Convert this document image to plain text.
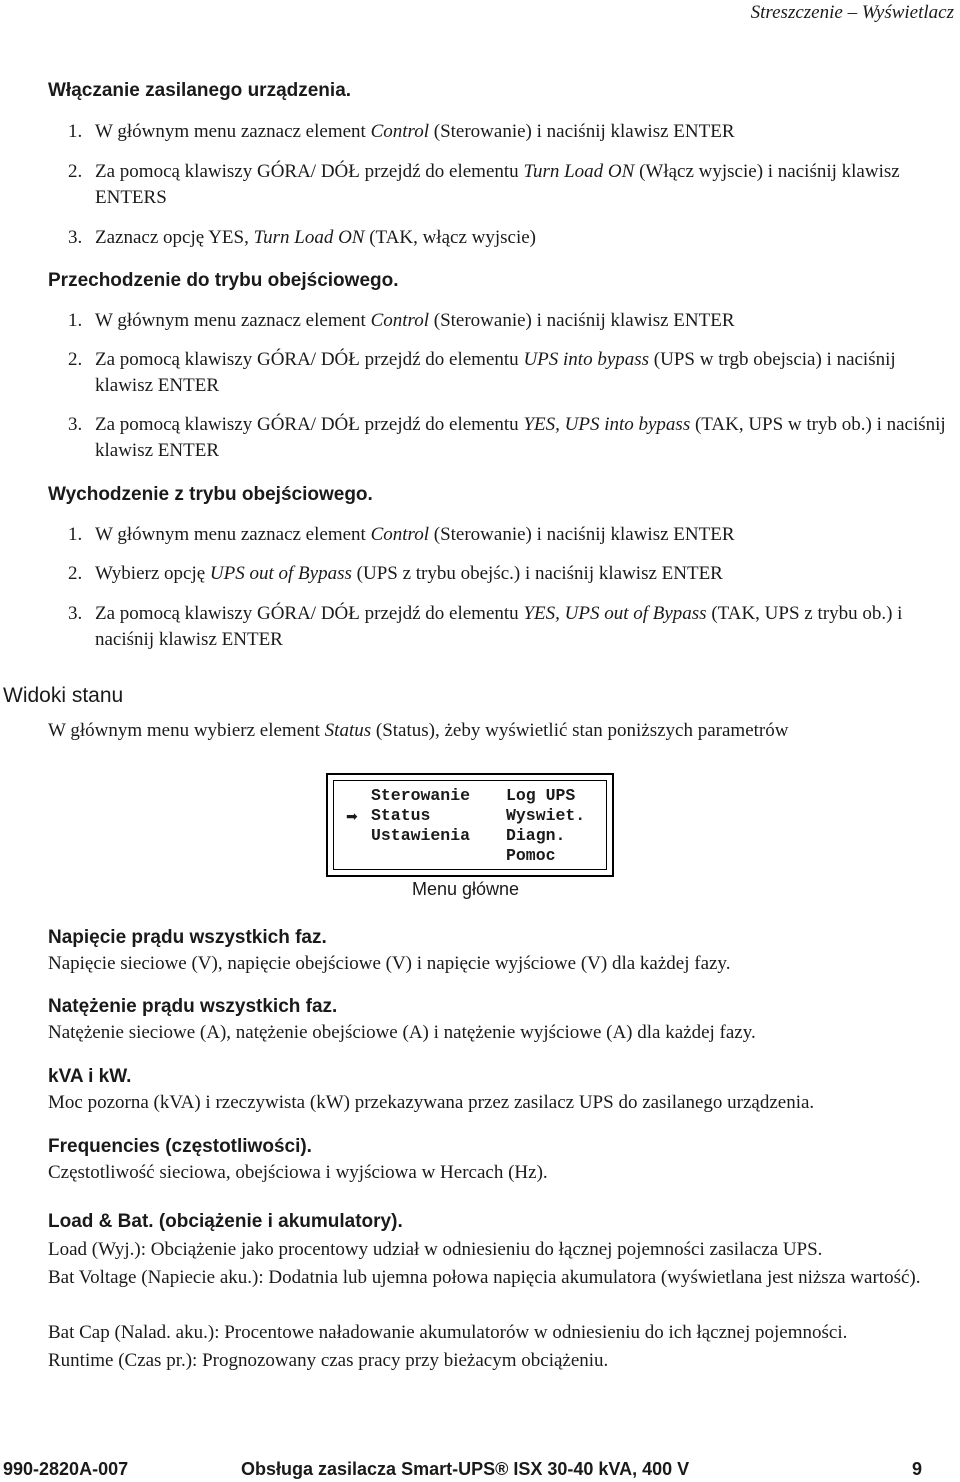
Streszczenie – Wyświetlacz
Włączanie zasilanego urządzenia.
1. W głównym menu zaznacz element Control (Sterowanie) i naciśnij klawisz ENTER
2. Za pomocą klawiszy GÓRA/ DÓŁ przejdź do elementu Turn Load ON (Włącz wyjscie) i naciśnij klawisz ENTERS
3. Zaznacz opcję YES, Turn Load ON (TAK, włącz wyjscie)
Przechodzenie do trybu obejściowego.
1. W głównym menu zaznacz element Control (Sterowanie) i naciśnij klawisz ENTER
2. Za pomocą klawiszy GÓRA/ DÓŁ przejdź do elementu UPS into bypass (UPS w trgb obejscia) i naciśnij klawisz ENTER
3. Za pomocą klawiszy GÓRA/ DÓŁ przejdź do elementu YES, UPS into bypass (TAK, UPS w tryb ob.) i naciśnij klawisz ENTER
Wychodzenie z trybu obejściowego.
1. W głównym menu zaznacz element Control (Sterowanie) i naciśnij klawisz ENTER
2. Wybierz opcję UPS out of Bypass (UPS z trybu obejśc.) i naciśnij klawisz ENTER
3. Za pomocą klawiszy GÓRA/ DÓŁ przejdź do elementu YES, UPS out of Bypass (TAK, UPS z trybu ob.) i naciśnij klawisz ENTER
Widoki stanu
W głównym menu wybierz element Status (Status), żeby wyświetlić stan poniższych parametrów
➡
Sterowanie
Status
Ustawienia
Log UPS
Wyswiet.
Diagn.
Pomoc
Menu główne
Napięcie prądu wszystkich faz.
Napięcie sieciowe (V), napięcie obejściowe (V) i napięcie wyjściowe (V) dla każdej fazy.
Natężenie prądu wszystkich faz.
Natężenie sieciowe (A), natężenie obejściowe (A) i natężenie wyjściowe (A) dla każdej fazy.
kVA i kW.
Moc pozorna (kVA) i rzeczywista (kW) przekazywana przez zasilacz UPS do zasilanego urządzenia.
Frequencies (częstotliwości).
Częstotliwość sieciowa, obejściowa i wyjściowa w Hercach (Hz).
Load & Bat. (obciążenie i akumulatory).
Load (Wyj.): Obciążenie jako procentowy udział w odniesieniu do łącznej pojemności zasilacza UPS.
Bat Voltage (Napiecie aku.): Dodatnia lub ujemna połowa napięcia akumulatora (wyświetlana jest niższa wartość).
Bat Cap (Nalad. aku.): Procentowe naładowanie akumulatorów w odniesieniu do ich łącznej pojemności.
Runtime (Czas pr.): Prognozowany czas pracy przy bieżacym obciążeniu.
990-2820A-007	Obsługa zasilacza Smart-UPS® ISX 30-40 kVA, 400 V	9
